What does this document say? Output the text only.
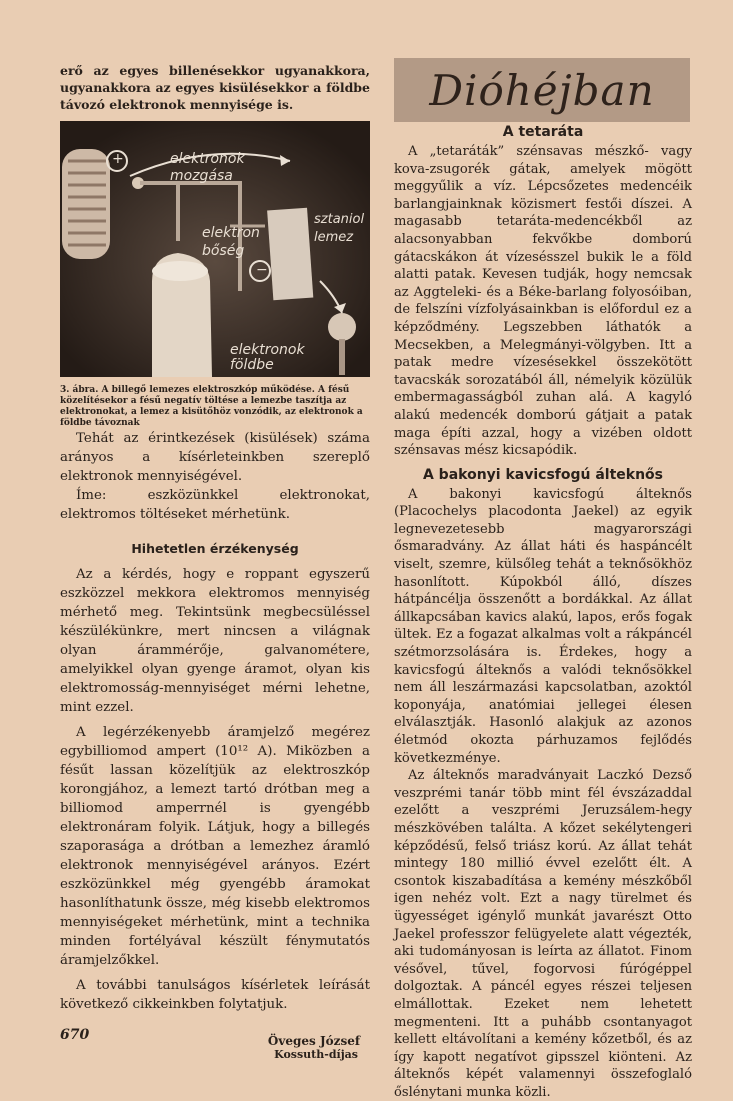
erő az egyes billenésekkor ugyanakkora, ugyanakkora az egyes kisülésekkor a földbe távozó elektronok mennyisége is.
+
−
elektronok mozgása
elektron bőség
sztaniol lemez
elektronok földbe
3. ábra. A billegő lemezes elektroszkóp működése. A fésű közelítésekor a fésű negatív töltése a lemezbe taszítja az elektronokat, a lemez a kisütőhöz vonzódik, az elektronok a földbe távoznak

Tehát az érintkezések (kisülések) száma arányos a kísérleteinkben szereplő elektronok mennyiségével.

Íme: eszközünkkel elektronokat, elektromos töltéseket mérhetünk.

Hihetetlen érzékenység

Az a kérdés, hogy e roppant egyszerű eszközzel mekkora elektromos mennyiség mérhető meg. Tekintsünk megbecsüléssel készülékünkre, mert nincsen a világnak olyan árammérője, galvanométere, amelyikkel olyan gyenge áramot, olyan kis elektromosság-mennyiséget mérni lehetne, mint ezzel.

A legérzékenyebb áramjelző megérez egybilliomod ampert (10¹² A). Miközben a fésűt lassan közelítjük az elektroszkóp korongjához, a lemezt tartó drótban meg a billiomod amperrnél is gyengébb elektronáram folyik. Látjuk, hogy a billegés szaporasága a drótban a lemezhez áramló elektronok mennyiségével arányos. Ezért eszközünkkel még gyengébb áramokat hasonlíthatunk össze, még kisebb elektromos mennyiségeket mérhetünk, mint a technika minden fortélyával készült fénymutatós áramjelzőkkel.

A további tanulságos kísérletek leírását következő cikkeinkben folytatjuk.

Öveges József
Kossuth-díjas
670
Dióhéjban
A tetaráta

A „tetaráták” szénsavas mészkő- vagy kova-zsugorék gátak, amelyek mögött meggyűlik a víz. Lépcsőzetes medencéik barlangjainknak közismert festői díszei. A magasabb tetaráta-medencékből az alacsonyabban fekvőkbe domború gátacskákon át vízesésszel bukik le a föld alatti patak. Kevesen tudják, hogy nemcsak az Aggteleki- és a Béke-barlang folyosóiban, de felszíni vízfolyásainkban is előfordul ez a képződmény. Legszebben láthatók a Mecsekben, a Melegmányi-völgyben. Itt a patak medre vízesésekkel összekötött tavacskák sorozatából áll, némelyik közülük embermagasságból zuhan alá. A kagyló alakú medencék domború gátjait a patak maga építi azzal, hogy a vizében oldott szénsavas mész kicsapódik.

A bakonyi kavicsfogú álteknős

A bakonyi kavicsfogú álteknős (Placochelys placodonta Jaekel) az egyik legnevezetesebb magyarországi ősmaradvány. Az állat háti és haspáncélt viselt, szemre, külsőleg tehát a teknősökhöz hasonlított. Kúpokból álló, díszes hátpáncélja összenőtt a bordákkal. Az állat állkapcsában kavics alakú, lapos, erős fogak ültek. Ez a fogazat alkalmas volt a rákpáncél szétmorzsolására is. Érdekes, hogy a kavicsfogú álteknős a valódi teknősökkel nem áll leszármazási kapcsolatban, azoktól koponyája, anatómiai jellegei élesen elválasztják. Hasonló alakjuk az azonos életmód okozta párhuzamos fejlődés következménye.

Az álteknős maradványait Laczkó Dezső veszprémi tanár több mint fél évszázaddal ezelőtt a veszprémi Jeruzsálem-hegy mészkövében találta. A kőzet sekélytengeri képződésű, felső triász korú. Az állat tehát mintegy 180 millió évvel ezelőtt élt. A csontok kiszabadítása a kemény mészkőből igen nehéz volt. Ezt a nagy türelmet és ügyességet igénylő munkát javarészt Otto Jaekel professzor felügyelete alatt végezték, aki tudományosan is leírta az állatot. Finom vésővel, tűvel, fogorvosi fúrógéppel dolgoztak. A páncél egyes részei teljesen elmállottak. Ezeket nem lehetett megmenteni. Itt a puhább csontanyagot kellett eltávolítani a kemény kőzetből, és az így kapott negatívot gipsszel kiönteni. Az álteknős képét valamennyi összefoglaló őslénytani munka közli.
